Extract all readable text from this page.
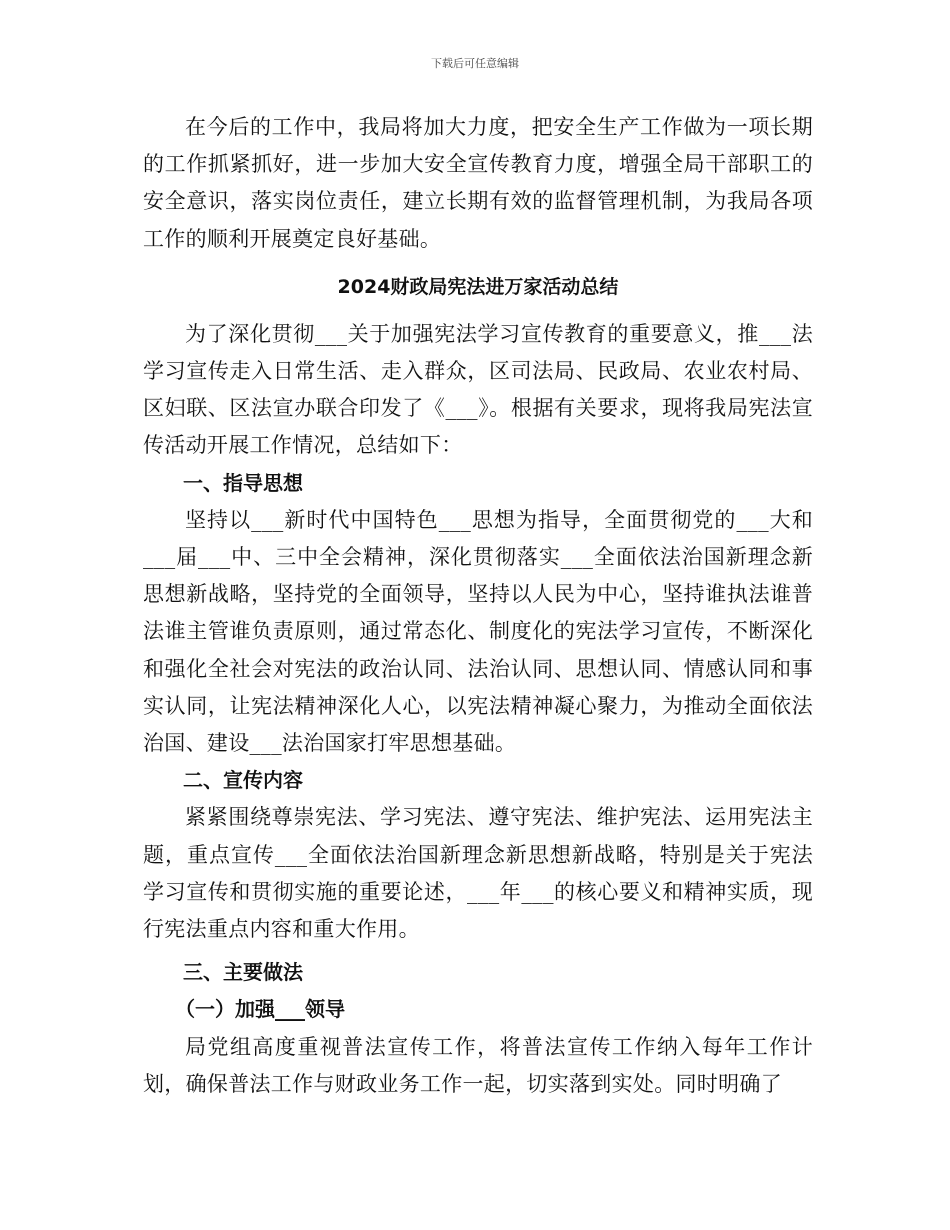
下载后可任意编辑

在今后的工作中，我局将加大力度，把安全生产工作做为一项长期的工作抓紧抓好，进一步加大安全宣传教育力度，增强全局干部职工的安全意识，落实岗位责任，建立长期有效的监督管理机制，为我局各项工作的顺利开展奠定良好基础。

2024财政局宪法进万家活动总结

为了深化贯彻___关于加强宪法学习宣传教育的重要意义，推___法学习宣传走入日常生活、走入群众，区司法局、民政局、农业农村局、区妇联、区法宣办联合印发了《___》。根据有关要求，现将我局宪法宣传活动开展工作情况，总结如下：

一、指导思想

坚持以___新时代中国特色___思想为指导，全面贯彻党的___大和___届___中、三中全会精神，深化贯彻落实___全面依法治国新理念新思想新战略，坚持党的全面领导，坚持以人民为中心，坚持谁执法谁普法谁主管谁负责原则，通过常态化、制度化的宪法学习宣传，不断深化和强化全社会对宪法的政治认同、法治认同、思想认同、情感认同和事实认同，让宪法精神深化人心，以宪法精神凝心聚力，为推动全面依法治国、建设___法治国家打牢思想基础。

二、宣传内容

紧紧围绕尊崇宪法、学习宪法、遵守宪法、维护宪法、运用宪法主题，重点宣传___全面依法治国新理念新思想新战略，特别是关于宪法学习宣传和贯彻实施的重要论述，___年___的核心要义和精神实质，现行宪法重点内容和重大作用。

三、主要做法
（一）加强___领导

局党组高度重视普法宣传工作，将普法宣传工作纳入每年工作计划，确保普法工作与财政业务工作一起，切实落到实处。同时明确了
